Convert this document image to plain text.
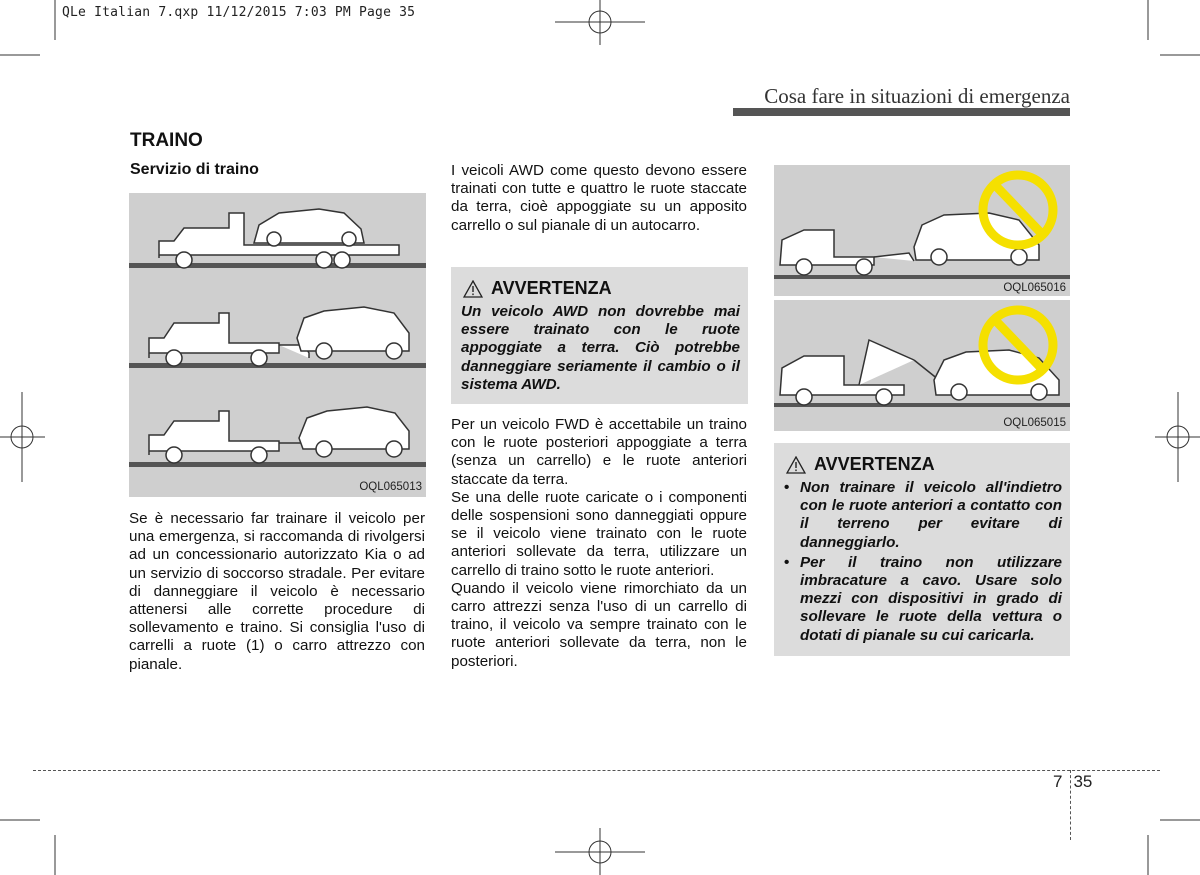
QLe Italian 7.qxp 11/12/2015 7:03 PM Page 35
Cosa fare in situazioni di emergenza
TRAINO
Servizio di traino
OQL065013

Se è necessario far trainare il veicolo per una emergenza, si raccomanda di rivolgersi ad un concessionario autorizzato Kia o ad un servizio di soccorso stradale. Per evitare di danneggiare il veicolo è necessario attenersi alle corrette procedure di sollevamento e traino. Si consiglia l'uso di carrelli a ruote (1) o carro attrezzo con pianale.

I veicoli AWD come questo devono essere trainati con tutte e quattro le ruote staccate da terra, cioè appoggiate su un apposito carrello o sul pianale di un autocarro.

AVVERTENZA
Un veicolo AWD non dovrebbe mai essere trainato con le ruote appoggiate a terra. Ciò potrebbe danneggiare seriamente il cambio o il sistema AWD.

Per un veicolo FWD è accettabile un traino con le ruote posteriori appoggiate a terra (senza un carrello) e le ruote anteriori staccate da terra.

Se una delle ruote caricate o i componenti delle sospensioni sono danneggiati oppure se il veicolo viene trainato con le ruote anteriori sollevate da terra, utilizzare un carrello di traino sotto le ruote anteriori.

Quando il veicolo viene rimorchiato da un carro attrezzi senza l'uso di un carrello di traino, il veicolo va sempre trainato con le ruote anteriori sollevate da terra, non le posteriori.

OQL065016
OQL065015
AVVERTENZA
• Non trainare il veicolo all'indietro con le ruote anteriori a contatto con il terreno per evitare di danneggiarlo.
• Per il traino non utilizzare imbracature a cavo. Usare solo mezzi con dispositivi in grado di sollevare le ruote della vettura o dotati di pianale su cui caricarla.
7 35
